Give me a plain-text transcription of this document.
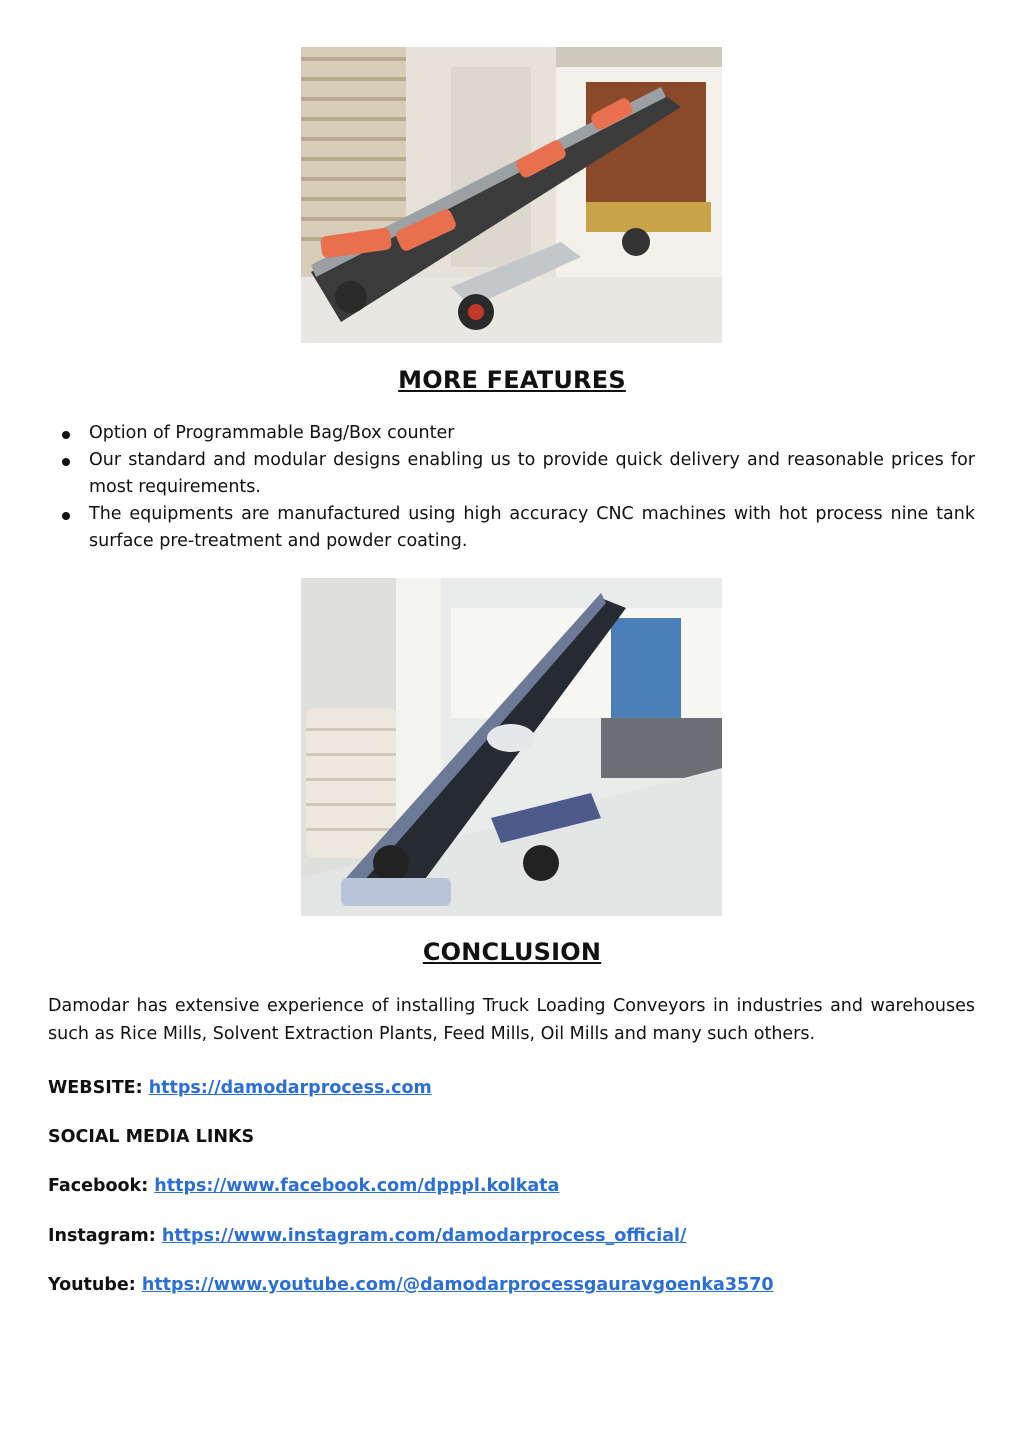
MORE FEATURES
Option of Programmable Bag/Box counter
Our standard and modular designs enabling us to provide quick delivery and reasonable prices for most requirements.
The equipments are manufactured using high accuracy CNC machines with hot process nine tank surface pre-treatment and powder coating.
CONCLUSION

Damodar has extensive experience of installing Truck Loading Conveyors in industries and warehouses such as Rice Mills, Solvent Extraction Plants, Feed Mills, Oil Mills and many such others.

WEBSITE: https://damodarprocess.com
SOCIAL MEDIA LINKS
Facebook: https://www.facebook.com/dpppl.kolkata
Instagram: https://www.instagram.com/damodarprocess_official/
Youtube: https://www.youtube.com/@damodarprocessgauravgoenka3570
